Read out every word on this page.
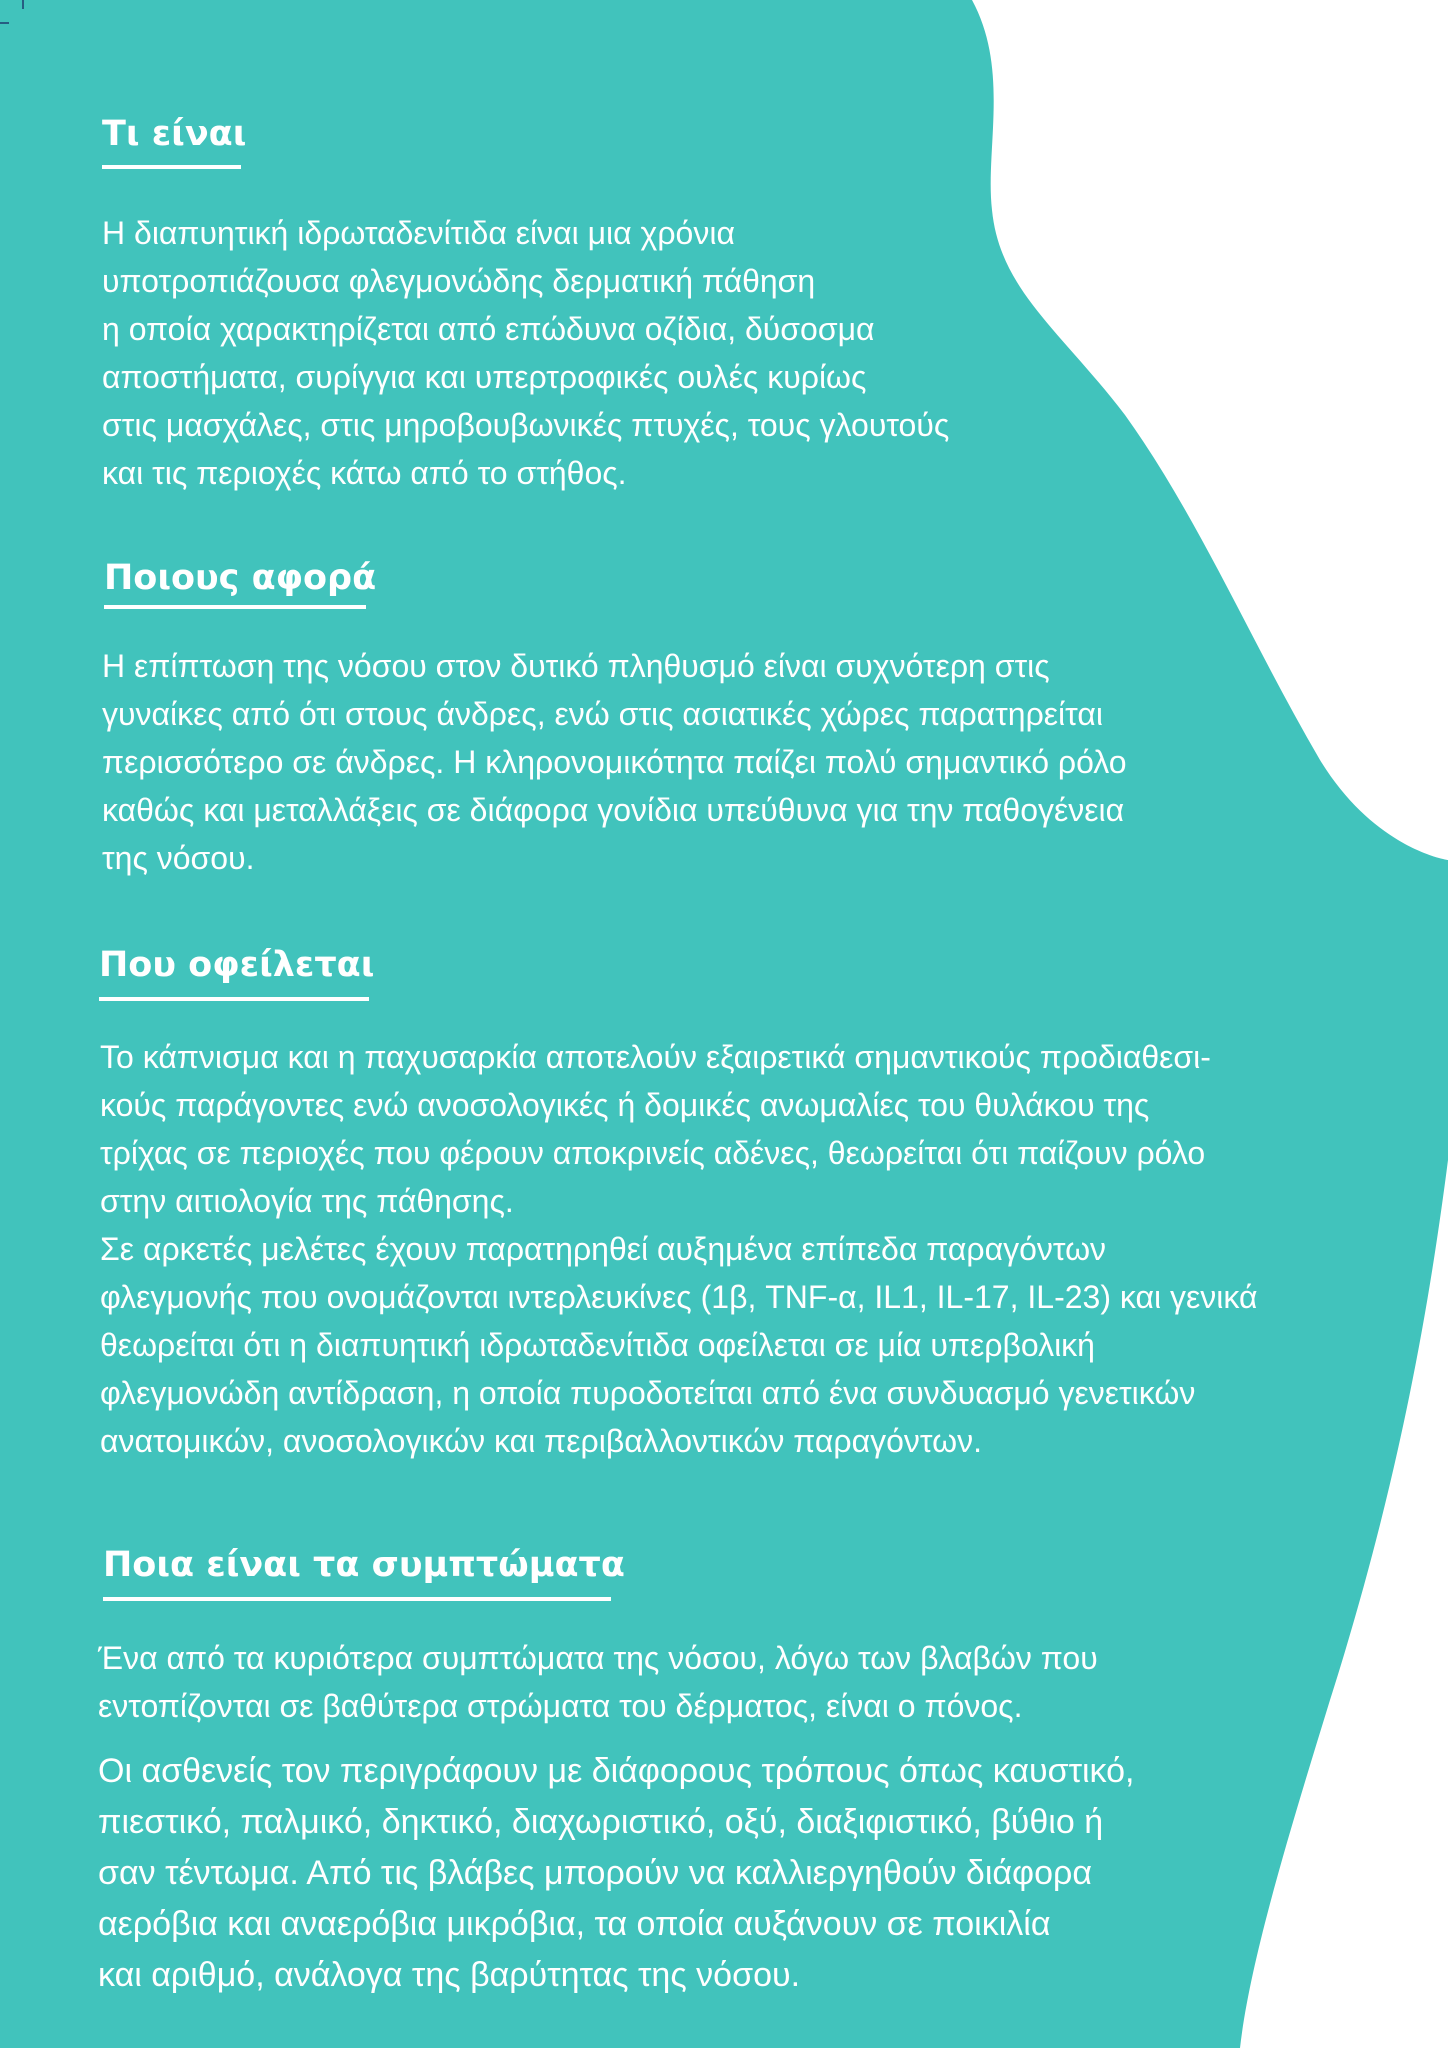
Τι είναι

Η διαπυητική ιδρωταδενίτιδα είναι μια χρόνια
υποτροπιάζουσα φλεγμονώδης δερματική πάθηση
η οποία χαρακτηρίζεται από επώδυνα οζίδια, δύσοσμα
αποστήματα, συρίγγια και υπερτροφικές ουλές κυρίως
στις μασχάλες, στις μηροβουβωνικές πτυχές, τους γλουτούς
και τις περιοχές κάτω από το στήθος.

Ποιους αφορά

Η επίπτωση της νόσου στον δυτικό πληθυσμό είναι συχνότερη στις
γυναίκες από ότι στους άνδρες, ενώ στις ασιατικές χώρες παρατηρείται
περισσότερο σε άνδρες. Η κληρονομικότητα παίζει πολύ σημαντικό ρόλο
καθώς και μεταλλάξεις σε διάφορα γονίδια υπεύθυνα για την παθογένεια
της νόσου.

Που οφείλεται

Το κάπνισμα και η παχυσαρκία αποτελούν εξαιρετικά σημαντικούς προδιαθεσι-
κούς παράγοντες ενώ ανοσολογικές ή δομικές ανωμαλίες του θυλάκου της
τρίχας σε περιοχές που φέρουν αποκρινείς αδένες, θεωρείται ότι παίζουν ρόλο
στην αιτιολογία της πάθησης.
Σε αρκετές μελέτες έχουν παρατηρηθεί αυξημένα επίπεδα παραγόντων
φλεγμονής που ονομάζονται ιντερλευκίνες (1β, TNF-α, IL1, IL-17, IL-23) και γενικά
θεωρείται ότι η διαπυητική ιδρωταδενίτιδα οφείλεται σε μία υπερβολική
φλεγμονώδη αντίδραση, η οποία πυροδοτείται από ένα συνδυασμό γενετικών
ανατομικών, ανοσολογικών και περιβαλλοντικών παραγόντων.

Ποια είναι τα συμπτώματα

Ένα από τα κυριότερα συμπτώματα της νόσου, λόγω των βλαβών που
εντοπίζονται σε βαθύτερα στρώματα του δέρματος, είναι ο πόνος.

Οι ασθενείς τον περιγράφουν με διάφορους τρόπους όπως καυστικό,
πιεστικό, παλμικό, δηκτικό, διαχωριστικό, οξύ, διαξιφιστικό, βύθιο ή
σαν τέντωμα. Από τις βλάβες μπορούν να καλλιεργηθούν διάφορα
αερόβια και αναερόβια μικρόβια, τα οποία αυξάνουν σε ποικιλία
και αριθμό, ανάλογα της βαρύτητας της νόσου.
